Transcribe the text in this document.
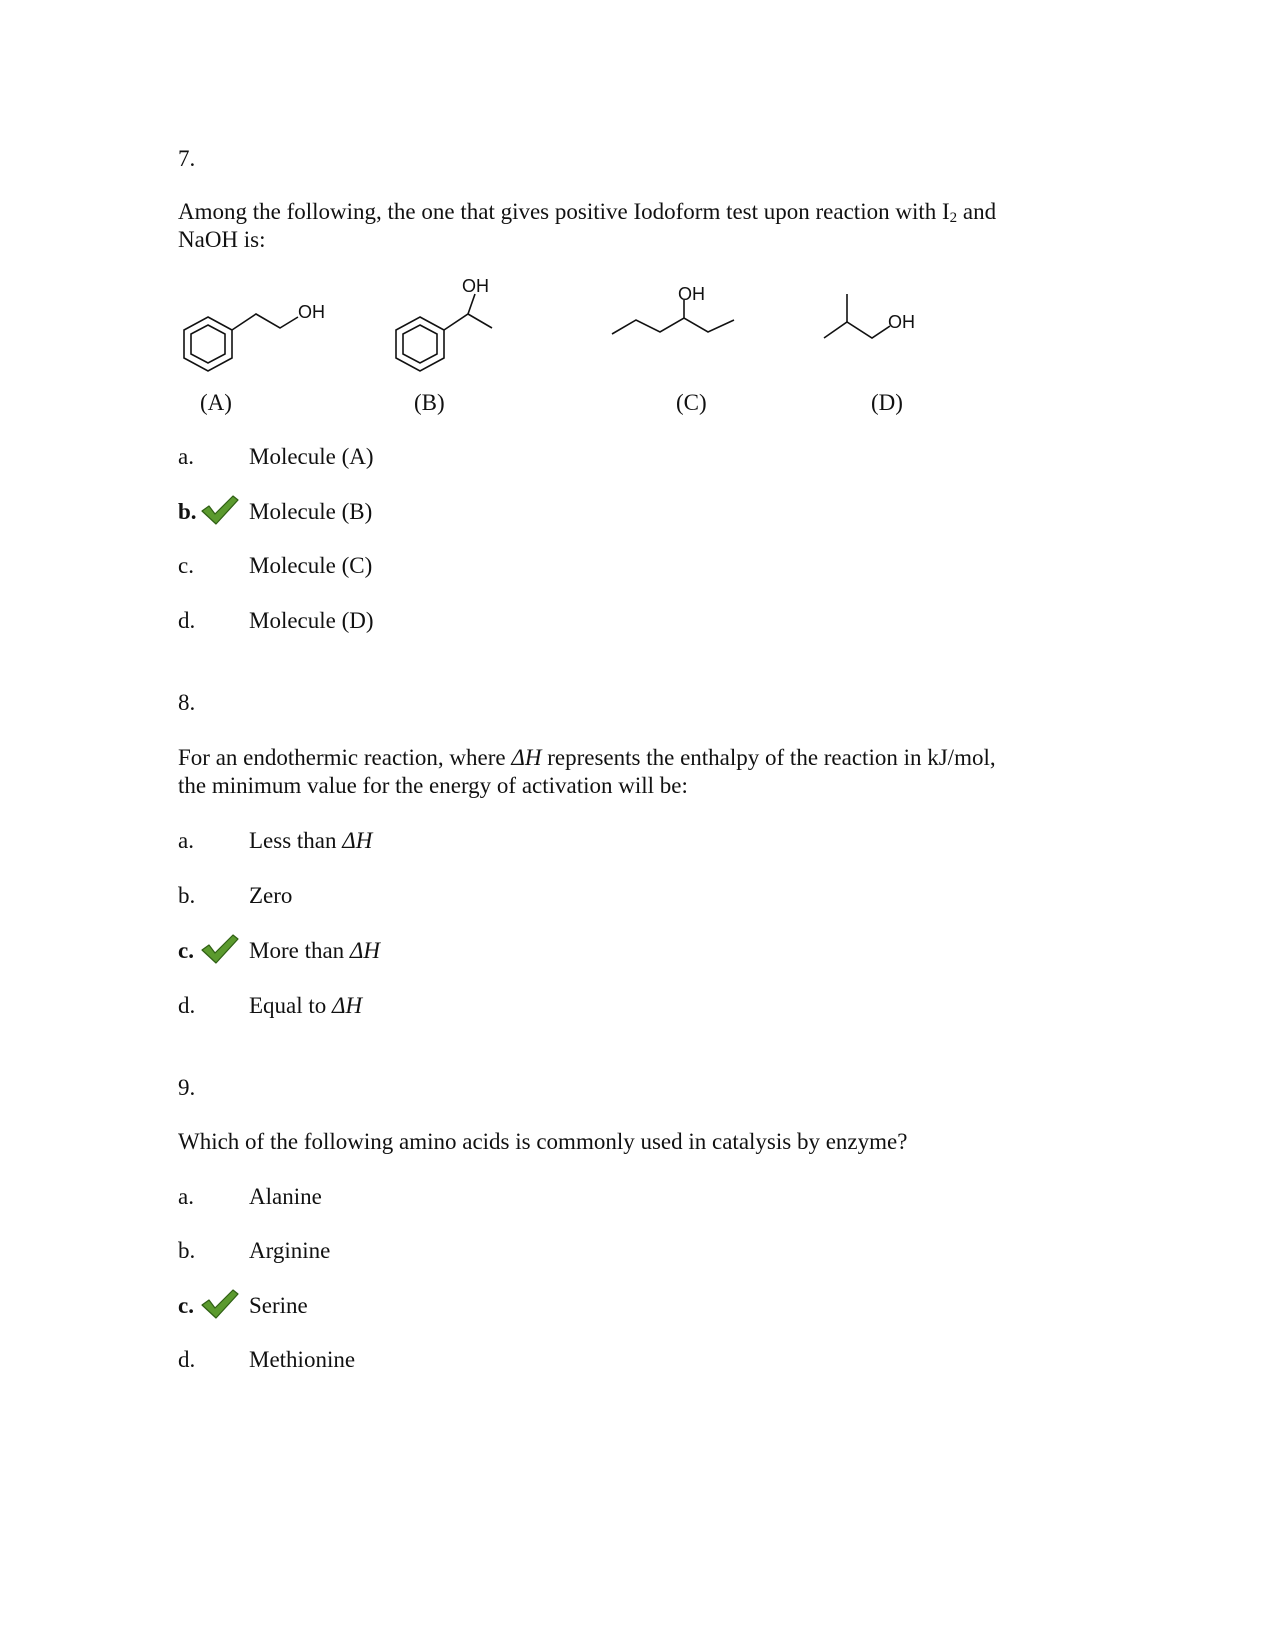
7.
Among the following, the one that gives positive Iodoform test upon reaction with $I_2$ and
NaOH is:
OH
OH	OH
OH
(A)	(B)	(C)	(D)
a. Molecule (A)
b. Molecule (B)
c. Molecule (C)
d. Molecule (D)
8.
For an endothermic reaction, where ΔH represents the enthalpy of the reaction in kJ/mol,
the minimum value for the energy of activation will be:
a. Less than ΔH
b. Zero
c. More than ΔH
d. Equal to ΔH
9.
Which of the following amino acids is commonly used in catalysis by enzyme?
a. Alanine
b. Arginine
c. Serine
d. Methionine
